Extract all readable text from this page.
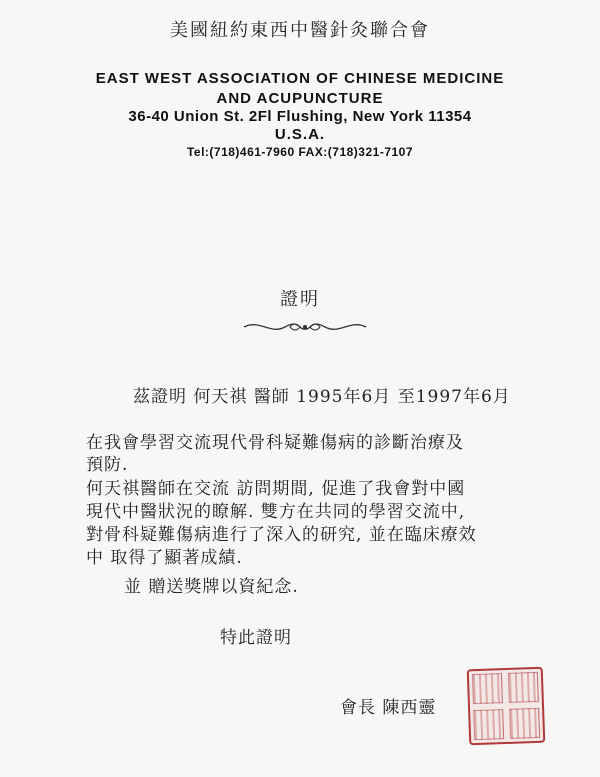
美國紐約東西中醫針灸聯合會
EAST WEST ASSOCIATION OF CHINESE MEDICINE
AND ACUPUNCTURE
36-40 Union St. 2Fl Flushing, New York 11354
U.S.A.
Tel:(718)461-7960 FAX:(718)321-7107
證明
茲證明 何天祺 醫師 1995年6月 至1997年6月
在我會學習交流現代骨科疑難傷病的診斷治療及
預防.
何天祺醫師在交流 訪問期間, 促進了我會對中國
現代中醫狀況的瞭解. 雙方在共同的學習交流中,
對骨科疑難傷病進行了深入的研究, 並在臨床療效
中 取得了顯著成績.
並 贈送獎牌以資紀念.
特此證明
會長 陳西靈
